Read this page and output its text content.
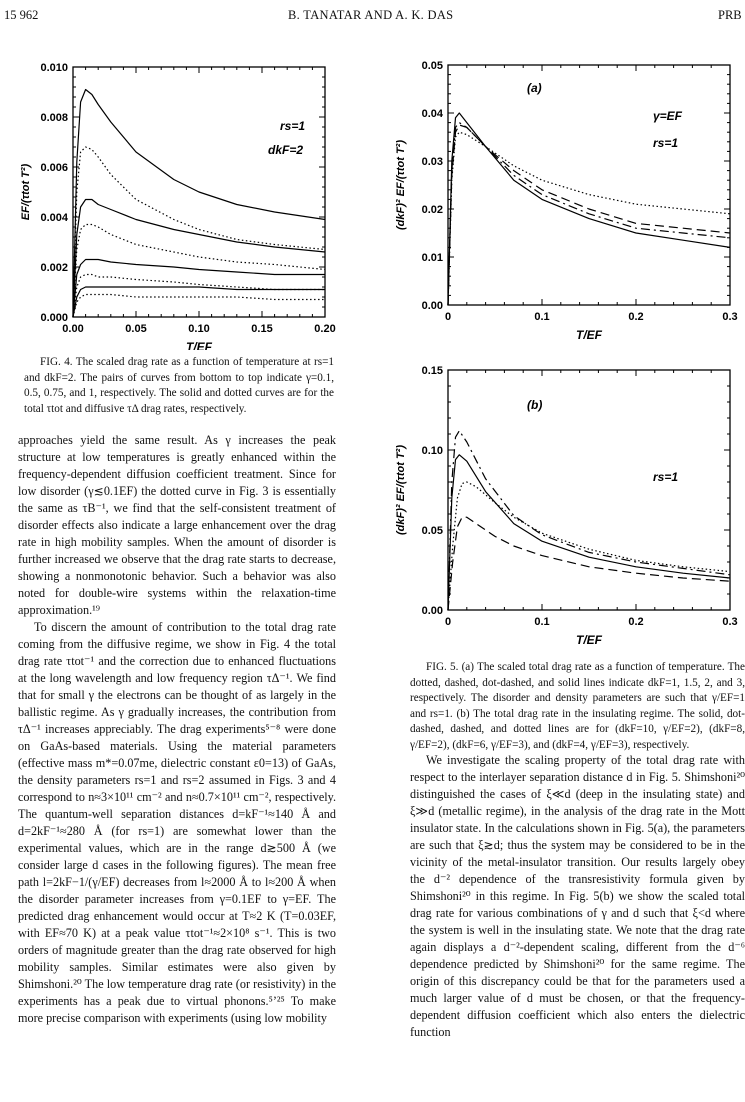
15 962	B. TANATAR AND A. K. DAS	PRB
0.00	0.05	0.10	0.15	0.20
0.000
0.002
0.004
0.006
0.008
0.010
T/EF
EF/(τtot T²)
rs=1
dkF=2

FIG. 4. The scaled drag rate as a function of temperature at rs=1 and dkF=2. The pairs of curves from bottom to top indicate γ=0.1, 0.5, 0.75, and 1, respectively. The solid and dotted curves are for the total τtot and diffusive τΔ drag rates, respectively.

approaches yield the same result. As γ increases the peak structure at low temperatures is greatly enhanced within the frequency-dependent diffusion coefficient treatment. Since for low disorder (γ≲0.1EF) the dotted curve in Fig. 3 is essentially the same as τB⁻¹, we find that the self-consistent treatment of disorder effects also indicate a large enhancement over the drag rate in high mobility samples. When the amount of disorder is further increased we observe that the drag rate starts to decrease, showing a nonmonotonic behavior. Such a behavior was also noted for double-wire systems within the relaxation-time approximation.¹⁹

To discern the amount of contribution to the total drag rate coming from the diffusive regime, we show in Fig. 4 the total drag rate τtot⁻¹ and the correction due to enhanced fluctuations at the long wavelength and low frequency region τΔ⁻¹. We find that for small γ the electrons can be thought of as largely in the ballistic regime. As γ gradually increases, the contribution from τΔ⁻¹ increases appreciably. The drag experiments⁵⁻⁸ were done on GaAs-based materials. Using the material parameters (effective mass m*=0.07me, dielectric constant ε0=13) of GaAs, the density parameters rs=1 and rs=2 assumed in Figs. 3 and 4 correspond to n≈3×10¹¹ cm⁻² and n≈0.7×10¹¹ cm⁻², respectively. The quantum-well separation distances d=kF⁻¹≈140 Å and d=2kF⁻¹≈280 Å (for rs=1) are somewhat lower than the experimental values, which are in the range d≳500 Å (we consider large d cases in the following figures). The mean free path l=2kF−1/(γ/EF) decreases from l≈2000 Å to l≈200 Å when the disorder parameter increases from γ=0.1EF to γ=EF. The predicted drag enhancement would occur at T≈2 K (T=0.03EF, with EF≈70 K) at a peak value τtot⁻¹≈2×10⁸ s⁻¹. This is two orders of magnitude greater than the drag rate observed for high mobility samples. Similar estimates were also given by Shimshoni.²⁰ The low temperature drag rate (or resistivity) in the experiments has a peak due to virtual phonons.⁵ʼ²⁵ To make more precise comparison with experiments (using low mobility

0	0.1	0.2	0.3
0.00
0.01
0.02
0.03
0.04
0.05
T/EF
(dkF)² EF/(τtot T²)
(a)
γ=EF
rs=1
0	0.1	0.2	0.3
0.00
0.05
0.10
0.15
T/EF
(dkF)² EF/(τtot T²)
(b)
rs=1

FIG. 5. (a) The scaled total drag rate as a function of temperature. The dotted, dashed, dot-dashed, and solid lines indicate dkF=1, 1.5, 2, and 3, respectively. The disorder and density parameters are such that γ/EF=1 and rs=1. (b) The total drag rate in the insulating regime. The solid, dot-dashed, dashed, and dotted lines are for (dkF=10, γ/EF=2), (dkF=8, γ/EF=2), (dkF=6, γ/EF=3), and (dkF=4, γ/EF=3), respectively.

We investigate the scaling property of the total drag rate with respect to the interlayer separation distance d in Fig. 5. Shimshoni²⁰ distinguished the cases of ξ≪d (deep in the insulating state) and ξ≫d (metallic regime), in the analysis of the drag rate in the Mott insulator state. In the calculations shown in Fig. 5(a), the parameters are such that ξ≳d; thus the system may be considered to be in the vicinity of the metal-insulator transition. Our results largely obey the d⁻² dependence of the transresistivity formula given by Shimshoni²⁰ in this regime. In Fig. 5(b) we show the scaled total drag rate for various combinations of γ and d such that ξ<d where the system is well in the insulating state. We note that the drag rate again displays a d⁻²-dependent scaling, different from the d⁻⁶ dependence predicted by Shimshoni²⁰ for the same regime. The origin of this discrepancy could be that for the parameters used a much larger value of d must be chosen, or that the frequency-dependent diffusion coefficient which also enters the dielectric function
